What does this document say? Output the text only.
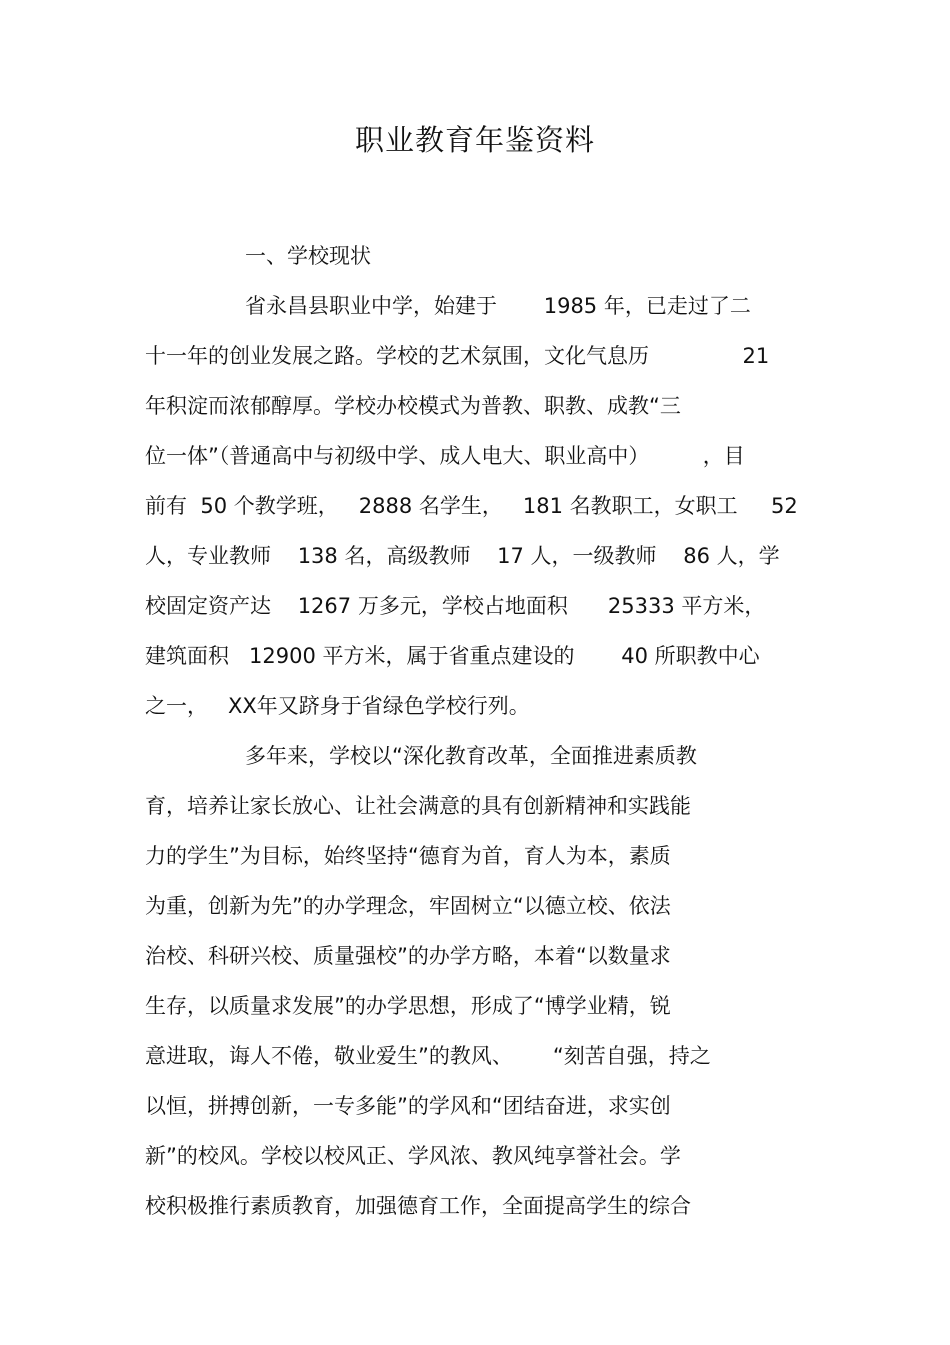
职业教育年鉴资料
一、学校现状
省永昌县职业中学，始建于       1985 年，已走过了二
十一年的创业发展之路。学校的艺术氛围，文化气息历              21
年积淀而浓郁醇厚。学校办校模式为普教、职教、成教“三
位一体”（普通高中与初级中学、成人电大、职业高中）        ，目
前有  50 个教学班，   2888 名学生，   181 名教职工，女职工     52
人，专业教师    138 名，高级教师    17 人，一级教师    86 人，学
校固定资产达    1267 万多元，学校占地面积      25333 平方米，
建筑面积   12900 平方米，属于省重点建设的       40 所职教中心
之一，   XX年又跻身于省绿色学校行列。
多年来，学校以“深化教育改革，全面推进素质教
育，培养让家长放心、让社会满意的具有创新精神和实践能
力的学生”为目标，始终坚持“德育为首，育人为本，素质
为重，创新为先”的办学理念，牢固树立“以德立校、依法
治校、科研兴校、质量强校”的办学方略，本着“以数量求
生存，以质量求发展”的办学思想，形成了“博学业精，锐
意进取，诲人不倦，敬业爱生”的教风、      “刻苦自强，持之
以恒，拼搏创新，一专多能”的学风和“团结奋进，求实创
新”的校风。学校以校风正、学风浓、教风纯享誉社会。学
校积极推行素质教育，加强德育工作，全面提高学生的综合
